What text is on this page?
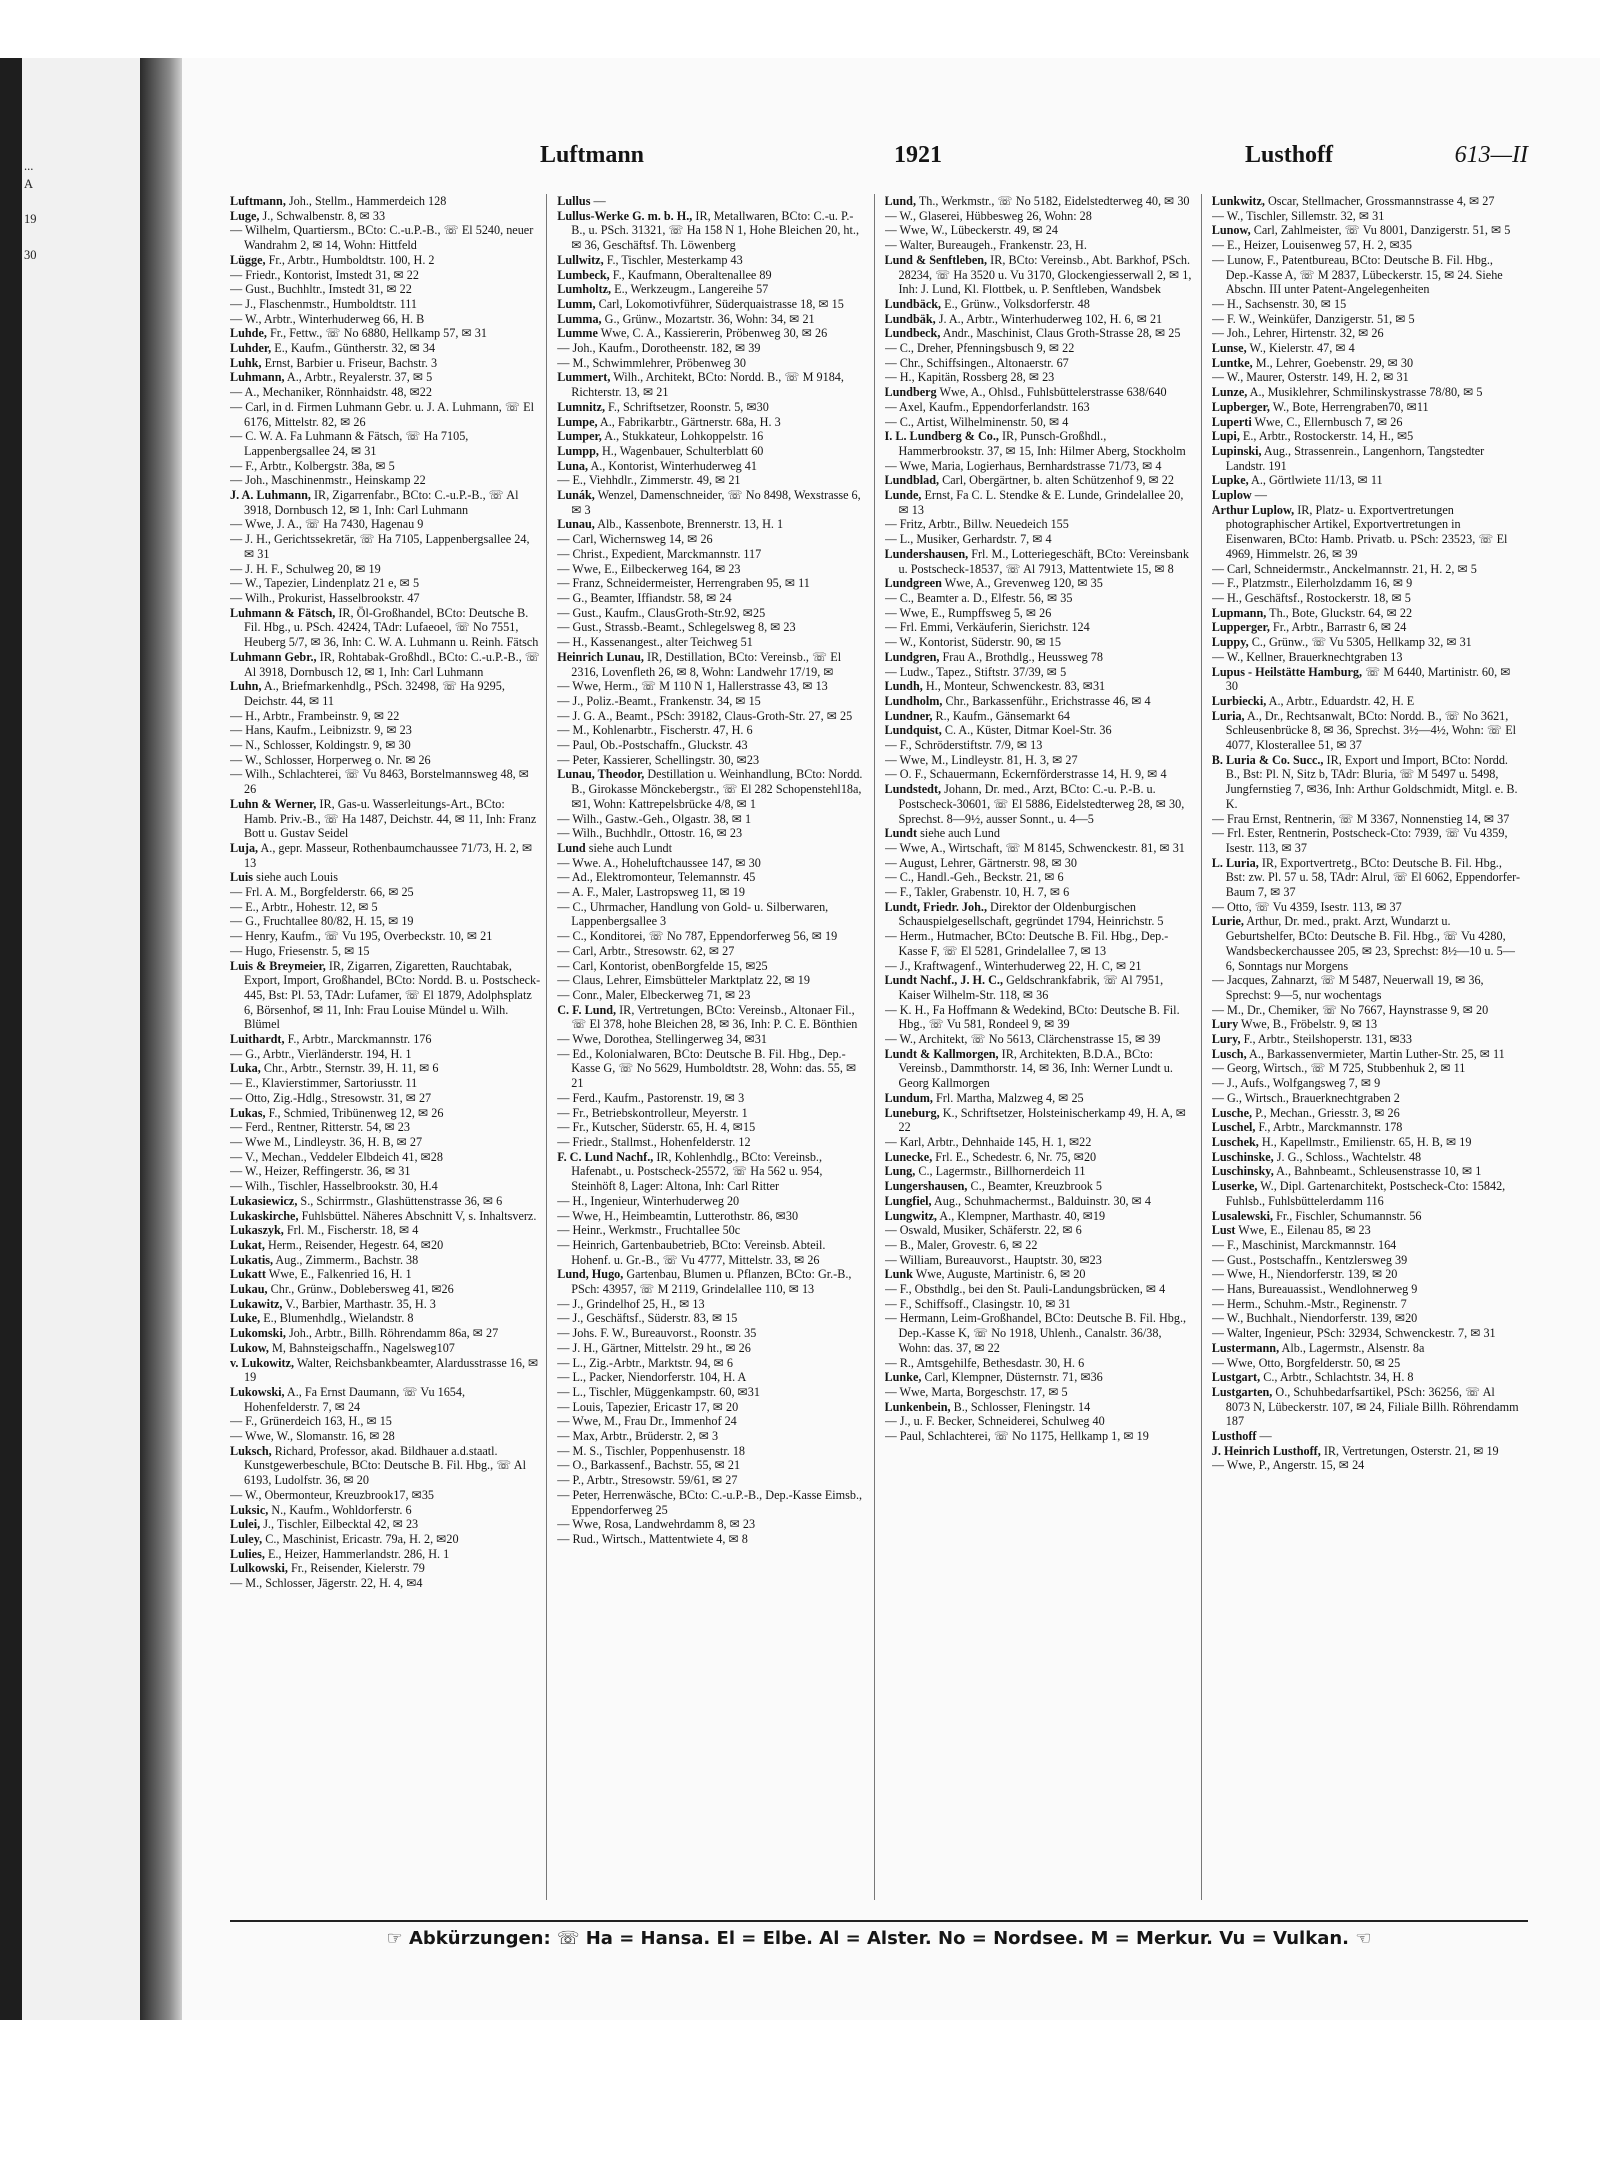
...
A

19

30

Luftmann	1921	Lusthoff	613—II

Luftmann, Joh., Stellm., Hammerdeich 128

Luge, J., Schwalbenstr. 8, ✉ 33

— Wilhelm, Quartiersm., BCto: C.-u.P.-B., ☏ El 5240, neuer Wandrahm 2, ✉ 14, Wohn: Hittfeld

Lügge, Fr., Arbtr., Humboldtstr. 100, H. 2

— Friedr., Kontorist, Imstedt 31, ✉ 22

— Gust., Buchhltr., Imstedt 31, ✉ 22

— J., Flaschenmstr., Humboldtstr. 111

— W., Arbtr., Winterhuderweg 66, H. B

Luhde, Fr., Fettw., ☏ No 6880, Hellkamp 57, ✉ 31

Luhder, E., Kaufm., Güntherstr. 32, ✉ 34

Luhk, Ernst, Barbier u. Friseur, Bachstr. 3

Luhmann, A., Arbtr., Reyalerstr. 37, ✉ 5

— A., Mechaniker, Rönnhaidstr. 48, ✉22

— Carl, in d. Firmen Luhmann Gebr. u. J. A. Luhmann, ☏ El 6176, Mittelstr. 82, ✉ 26

— C. W. A. Fa Luhmann & Fätsch, ☏ Ha 7105, Lappenbergsallee 24, ✉ 31

— F., Arbtr., Kolbergstr. 38a, ✉ 5

— Joh., Maschinenmstr., Heinskamp 22

J. A. Luhmann, IR, Zigarrenfabr., BCto: C.-u.P.-B., ☏ Al 3918, Dornbusch 12, ✉ 1, Inh: Carl Luhmann

— Wwe, J. A., ☏ Ha 7430, Hagenau 9

— J. H., Gerichtssekretär, ☏ Ha 7105, Lappenbergsallee 24, ✉ 31

— J. H. F., Schulweg 20, ✉ 19

— W., Tapezier, Lindenplatz 21 e, ✉ 5

— Wilh., Prokurist, Hasselbrookstr. 47

Luhmann & Fätsch, IR, Öl-Großhandel, BCto: Deutsche B. Fil. Hbg., u. PSch. 42424, TAdr: Lufaeoel, ☏ No 7551, Heuberg 5/7, ✉ 36, Inh: C. W. A. Luhmann u. Reinh. Fätsch

Luhmann Gebr., IR, Rohtabak-Großhdl., BCto: C.-u.P.-B., ☏ Al 3918, Dornbusch 12, ✉ 1, Inh: Carl Luhmann

Luhn, A., Briefmarkenhdlg., PSch. 32498, ☏ Ha 9295, Deichstr. 44, ✉ 11

— H., Arbtr., Frambeinstr. 9, ✉ 22

— Hans, Kaufm., Leibnizstr. 9, ✉ 23

— N., Schlosser, Koldingstr. 9, ✉ 30

— W., Schlosser, Horperweg o. Nr. ✉ 26

— Wilh., Schlachterei, ☏ Vu 8463, Borstelmannsweg 48, ✉ 26

Luhn & Werner, IR, Gas-u. Wasserleitungs-Art., BCto: Hamb. Priv.-B., ☏ Ha 1487, Deichstr. 44, ✉ 11, Inh: Franz Bott u. Gustav Seidel

Luja, A., gepr. Masseur, Rothenbaumchaussee 71/73, H. 2, ✉ 13

Luis siehe auch Louis

— Frl. A. M., Borgfelderstr. 66, ✉ 25

— E., Arbtr., Hohestr. 12, ✉ 5

— G., Fruchtallee 80/82, H. 15, ✉ 19

— Henry, Kaufm., ☏ Vu 195, Overbeckstr. 10, ✉ 21

— Hugo, Friesenstr. 5, ✉ 15

Luis & Breymeier, IR, Zigarren, Zigaretten, Rauchtabak, Export, Import, Großhandel, BCto: Nordd. B. u. Postscheck-445, Bst: Pl. 53, TAdr: Lufamer, ☏ El 1879, Adolphsplatz 6, Börsenhof, ✉ 11, Inh: Frau Louise Mündel u. Wilh. Blümel

Luithardt, F., Arbtr., Marckmannstr. 176

— G., Arbtr., Vierländerstr. 194, H. 1

Luka, Chr., Arbtr., Sternstr. 39, H. 11, ✉ 6

— E., Klavierstimmer, Sartoriusstr. 11

— Otto, Zig.-Hdlg., Stresowstr. 31, ✉ 27

Lukas, F., Schmied, Tribünenweg 12, ✉ 26

— Ferd., Rentner, Ritterstr. 54, ✉ 23

— Wwe M., Lindleystr. 36, H. B, ✉ 27

— V., Mechan., Veddeler Elbdeich 41, ✉28

— W., Heizer, Reffingerstr. 36, ✉ 31

— Wilh., Tischler, Hasselbrookstr. 30, H.4

Lukasiewicz, S., Schirrmstr., Glashüttenstrasse 36, ✉ 6

Lukaskirche, Fuhlsbüttel. Näheres Abschnitt V, s. Inhaltsverz.

Lukaszyk, Frl. M., Fischerstr. 18, ✉ 4

Lukat, Herm., Reisender, Hegestr. 64, ✉20

Lukatis, Aug., Zimmerm., Bachstr. 38

Lukatt Wwe, E., Falkenried 16, H. 1

Lukau, Chr., Grünw., Doblebersweg 41, ✉26

Lukawitz, V., Barbier, Marthastr. 35, H. 3

Luke, E., Blumenhdlg., Wielandstr. 8

Lukomski, Joh., Arbtr., Billh. Röhrendamm 86a, ✉ 27

Lukow, M, Bahnsteigschaffn., Nagelsweg107

v. Lukowitz, Walter, Reichsbankbeamter, Alardusstrasse 16, ✉ 19

Lukowski, A., Fa Ernst Daumann, ☏ Vu 1654, Hohenfelderstr. 7, ✉ 24

— F., Grünerdeich 163, H., ✉ 15

— Wwe, W., Slomanstr. 16, ✉ 28

Luksch, Richard, Professor, akad. Bildhauer a.d.staatl. Kunstgewerbeschule, BCto: Deutsche B. Fil. Hbg., ☏ Al 6193, Ludolfstr. 36, ✉ 20

— W., Obermonteur, Kreuzbrook17, ✉35

Luksic, N., Kaufm., Wohldorferstr. 6

Lulei, J., Tischler, Eilbecktal 42, ✉ 23

Luley, C., Maschinist, Ericastr. 79a, H. 2, ✉20

Lulies, E., Heizer, Hammerlandstr. 286, H. 1

Lulkowski, Fr., Reisender, Kielerstr. 79

— M., Schlosser, Jägerstr. 22, H. 4, ✉4

Lullus —

Lullus-Werke G. m. b. H., IR, Metallwaren, BCto: C.-u. P.-B., u. PSch. 31321, ☏ Ha 158 N 1, Hohe Bleichen 20, ht., ✉ 36, Geschäftsf. Th. Löwenberg

Lullwitz, F., Tischler, Mesterkamp 43

Lumbeck, F., Kaufmann, Oberaltenallee 89

Lumholtz, E., Werkzeugm., Langereihe 57

Lumm, Carl, Lokomotivführer, Süderquaistrasse 18, ✉ 15

Lumma, G., Grünw., Mozartstr. 36, Wohn: 34, ✉ 21

Lumme Wwe, C. A., Kassiererin, Pröbenweg 30, ✉ 26

— Joh., Kaufm., Dorotheenstr. 182, ✉ 39

— M., Schwimmlehrer, Pröbenweg 30

Lummert, Wilh., Architekt, BCto: Nordd. B., ☏ M 9184, Richterstr. 13, ✉ 21

Lumnitz, F., Schriftsetzer, Roonstr. 5, ✉30

Lumpe, A., Fabrikarbtr., Gärtnerstr. 68a, H. 3

Lumper, A., Stukkateur, Lohkoppelstr. 16

Lumpp, H., Wagenbauer, Schulterblatt 60

Luna, A., Kontorist, Winterhuderweg 41

— E., Viehhdlr., Zimmerstr. 49, ✉ 21

Lunák, Wenzel, Damenschneider, ☏ No 8498, Wexstrasse 6, ✉ 3

Lunau, Alb., Kassenbote, Brennerstr. 13, H. 1

— Carl, Wichernsweg 14, ✉ 26

— Christ., Expedient, Marckmannstr. 117

— Wwe, E., Eilbeckerweg 164, ✉ 23

— Franz, Schneidermeister, Herrengraben 95, ✉ 11

— G., Beamter, Iffiandstr. 58, ✉ 24

— Gust., Kaufm., ClausGroth-Str.92, ✉25

— Gust., Strassb.-Beamt., Schlegelsweg 8, ✉ 23

— H., Kassenangest., alter Teichweg 51

Heinrich Lunau, IR, Destillation, BCto: Vereinsb., ☏ El 2316, Lovenfleth 26, ✉ 8, Wohn: Landwehr 17/19, ✉

— Wwe, Herm., ☏ M 110 N 1, Hallerstrasse 43, ✉ 13

— J., Poliz.-Beamt., Frankenstr. 34, ✉ 15

— J. G. A., Beamt., PSch: 39182, Claus-Groth-Str. 27, ✉ 25

— M., Kohlenarbtr., Fischerstr. 47, H. 6

— Paul, Ob.-Postschaffn., Gluckstr. 43

— Peter, Kassierer, Schellingstr. 30, ✉23

Lunau, Theodor, Destillation u. Weinhandlung, BCto: Nordd. B., Girokasse Mönckebergstr., ☏ El 282 Schopenstehl18a, ✉1, Wohn: Kattrepelsbrücke 4/8, ✉ 1

— Wilh., Gastw.-Geh., Olgastr. 38, ✉ 1

— Wilh., Buchhdlr., Ottostr. 16, ✉ 23

Lund siehe auch Lundt

— Wwe. A., Hoheluftchaussee 147, ✉ 30

— Ad., Elektromonteur, Telemannstr. 45

— A. F., Maler, Lastropsweg 11, ✉ 19

— C., Uhrmacher, Handlung von Gold- u. Silberwaren, Lappenbergsallee 3

— C., Konditorei, ☏ No 787, Eppendorferweg 56, ✉ 19

— Carl, Arbtr., Stresowstr. 62, ✉ 27

— Carl, Kontorist, obenBorgfelde 15, ✉25

— Claus, Lehrer, Eimsbütteler Marktplatz 22, ✉ 19

— Conr., Maler, Elbeckerweg 71, ✉ 23

C. F. Lund, IR, Vertretungen, BCto: Vereinsb., Altonaer Fil., ☏ El 378, hohe Bleichen 28, ✉ 36, Inh: P. C. E. Bönthien

— Wwe, Dorothea, Stellingerweg 34, ✉31

— Ed., Kolonialwaren, BCto: Deutsche B. Fil. Hbg., Dep.-Kasse G, ☏ No 5629, Humboldtstr. 28, Wohn: das. 55, ✉ 21

— Ferd., Kaufm., Pastorenstr. 19, ✉ 3

— Fr., Betriebskontrolleur, Meyerstr. 1

— Fr., Kutscher, Süderstr. 65, H. 4, ✉15

— Friedr., Stallmst., Hohenfelderstr. 12

F. C. Lund Nachf., IR, Kohlenhdlg., BCto: Vereinsb., Hafenabt., u. Postscheck-25572, ☏ Ha 562 u. 954, Steinhöft 8, Lager: Altona, Inh: Carl Ritter

— H., Ingenieur, Winterhuderweg 20

— Wwe, H., Heimbeamtin, Lutterothstr. 86, ✉30

— Heinr., Werkmstr., Fruchtallee 50c

— Heinrich, Gartenbaubetrieb, BCto: Vereinsb. Abteil. Hohenf. u. Gr.-B., ☏ Vu 4777, Mittelstr. 33, ✉ 26

Lund, Hugo, Gartenbau, Blumen u. Pflanzen, BCto: Gr.-B., PSch: 43957, ☏ M 2119, Grindelallee 110, ✉ 13

— J., Grindelhof 25, H., ✉ 13

— J., Geschäftsf., Süderstr. 83, ✉ 15

— Johs. F. W., Bureauvorst., Roonstr. 35

— J. H., Gärtner, Mittelstr. 29 ht., ✉ 26

— L., Zig.-Arbtr., Marktstr. 94, ✉ 6

— L., Packer, Niendorferstr. 104, H. A

— L., Tischler, Müggenkampstr. 60, ✉31

— Louis, Tapezier, Ericastr 17, ✉ 20

— Wwe, M., Frau Dr., Immenhof 24

— Max, Arbtr., Brüderstr. 2, ✉ 3

— M. S., Tischler, Poppenhusenstr. 18

— O., Barkassenf., Bachstr. 55, ✉ 21

— P., Arbtr., Stresowstr. 59/61, ✉ 27

— Peter, Herrenwäsche, BCto: C.-u.P.-B., Dep.-Kasse Eimsb., Eppendorferweg 25

— Wwe, Rosa, Landwehrdamm 8, ✉ 23

— Rud., Wirtsch., Mattentwiete 4, ✉ 8

Lund, Th., Werkmstr., ☏ No 5182, Eidelstedterweg 40, ✉ 30

— W., Glaserei, Hübbesweg 26, Wohn: 28

— Wwe, W., Lübeckerstr. 49, ✉ 24

— Walter, Bureaugeh., Frankenstr. 23, H.

Lund & Senftleben, IR, BCto: Vereinsb., Abt. Barkhof, PSch. 28234, ☏ Ha 3520 u. Vu 3170, Glockengiesserwall 2, ✉ 1, Inh: J. Lund, Kl. Flottbek, u. P. Senftleben, Wandsbek

Lundbäck, E., Grünw., Volksdorferstr. 48

Lundbäk, J. A., Arbtr., Winterhuderweg 102, H. 6, ✉ 21

Lundbeck, Andr., Maschinist, Claus Groth-Strasse 28, ✉ 25

— C., Dreher, Pfenningsbusch 9, ✉ 22

— Chr., Schiffsingen., Altonaerstr. 67

— H., Kapitän, Rossberg 28, ✉ 23

Lundberg Wwe, A., Ohlsd., Fuhlsbüttelerstrasse 638/640

— Axel, Kaufm., Eppendorferlandstr. 163

— C., Artist, Wilhelminenstr. 50, ✉ 4

I. L. Lundberg & Co., IR, Punsch-Großhdl., Hammerbrookstr. 37, ✉ 15, Inh: Hilmer Aberg, Stockholm

— Wwe, Maria, Logierhaus, Bernhardstrasse 71/73, ✉ 4

Lundblad, Carl, Obergärtner, b. alten Schützenhof 9, ✉ 22

Lunde, Ernst, Fa C. L. Stendke & E. Lunde, Grindelallee 20, ✉ 13

— Fritz, Arbtr., Billw. Neuedeich 155

— L., Musiker, Gerhardstr. 7, ✉ 4

Lundershausen, Frl. M., Lotteriegeschäft, BCto: Vereinsbank u. Postscheck-18537, ☏ Al 7913, Mattentwiete 15, ✉ 8

Lundgreen Wwe, A., Grevenweg 120, ✉ 35

— C., Beamter a. D., Elfestr. 56, ✉ 35

— Wwe, E., Rumpffsweg 5, ✉ 26

— Frl. Emmi, Verkäuferin, Sierichstr. 124

— W., Kontorist, Süderstr. 90, ✉ 15

Lundgren, Frau A., Brothdlg., Heussweg 78

— Ludw., Tapez., Stiftstr. 37/39, ✉ 5

Lundh, H., Monteur, Schwenckestr. 83, ✉31

Lundholm, Chr., Barkassenführ., Erichstrasse 46, ✉ 4

Lundner, R., Kaufm., Gänsemarkt 64

Lundquist, C. A., Küster, Ditmar Koel-Str. 36

— F., Schröderstiftstr. 7/9, ✉ 13

— Wwe, M., Lindleystr. 81, H. 3, ✉ 27

— O. F., Schauermann, Eckernförderstrasse 14, H. 9, ✉ 4

Lundstedt, Johann, Dr. med., Arzt, BCto: C.-u. P.-B. u. Postscheck-30601, ☏ El 5886, Eidelstedterweg 28, ✉ 30, Sprechst. 8—9½, ausser Sonnt., u. 4—5

Lundt siehe auch Lund

— Wwe, A., Wirtschaft, ☏ M 8145, Schwenckestr. 81, ✉ 31

— August, Lehrer, Gärtnerstr. 98, ✉ 30

— C., Handl.-Geh., Beckstr. 21, ✉ 6

— F., Takler, Grabenstr. 10, H. 7, ✉ 6

Lundt, Friedr. Joh., Direktor der Oldenburgischen Schauspielgesellschaft, gegründet 1794, Heinrichstr. 5

— Herm., Hutmacher, BCto: Deutsche B. Fil. Hbg., Dep.-Kasse F, ☏ El 5281, Grindelallee 7, ✉ 13

— J., Kraftwagenf., Winterhuderweg 22, H. C, ✉ 21

Lundt Nachf., J. H. C., Geldschrankfabrik, ☏ Al 7951, Kaiser Wilhelm-Str. 118, ✉ 36

— K. H., Fa Hoffmann & Wedekind, BCto: Deutsche B. Fil. Hbg., ☏ Vu 581, Rondeel 9, ✉ 39

— W., Architekt, ☏ No 5613, Clärchenstrasse 15, ✉ 39

Lundt & Kallmorgen, IR, Architekten, B.D.A., BCto: Vereinsb., Dammthorstr. 14, ✉ 36, Inh: Werner Lundt u. Georg Kallmorgen

Lundum, Frl. Martha, Malzweg 4, ✉ 25

Luneburg, K., Schriftsetzer, Holsteinischerkamp 49, H. A, ✉ 22

— Karl, Arbtr., Dehnhaide 145, H. 1, ✉22

Lunecke, Frl. E., Schedestr. 6, Nr. 75, ✉20

Lung, C., Lagermstr., Billhornerdeich 11

Lungershausen, C., Beamter, Kreuzbrook 5

Lungfiel, Aug., Schuhmachermst., Balduinstr. 30, ✉ 4

Lungwitz, A., Klempner, Marthastr. 40, ✉19

— Oswald, Musiker, Schäferstr. 22, ✉ 6

— B., Maler, Grovestr. 6, ✉ 22

— William, Bureauvorst., Hauptstr. 30, ✉23

Lunk Wwe, Auguste, Martinistr. 6, ✉ 20

— F., Obsthdlg., bei den St. Pauli-Landungsbrücken, ✉ 4

— F., Schiffsoff., Clasingstr. 10, ✉ 31

— Hermann, Leim-Großhandel, BCto: Deutsche B. Fil. Hbg., Dep.-Kasse K, ☏ No 1918, Uhlenh., Canalstr. 36/38, Wohn: das. 37, ✉ 22

— R., Amtsgehilfe, Bethesdastr. 30, H. 6

Lunke, Carl, Klempner, Düsternstr. 71, ✉36

— Wwe, Marta, Borgeschstr. 17, ✉ 5

Lunkenbein, B., Schlosser, Fleningstr. 14

— J., u. F. Becker, Schneiderei, Schulweg 40

— Paul, Schlachterei, ☏ No 1175, Hellkamp 1, ✉ 19

Lunkwitz, Oscar, Stellmacher, Grossmannstrasse 4, ✉ 27

— W., Tischler, Sillemstr. 32, ✉ 31

Lunow, Carl, Zahlmeister, ☏ Vu 8001, Danzigerstr. 51, ✉ 5

— E., Heizer, Louisenweg 57, H. 2, ✉35

— Lunow, F., Patentbureau, BCto: Deutsche B. Fil. Hbg., Dep.-Kasse A, ☏ M 2837, Lübeckerstr. 15, ✉ 24. Siehe Abschn. III unter Patent-Angelegenheiten

— H., Sachsenstr. 30, ✉ 15

— F. W., Weinküfer, Danzigerstr. 51, ✉ 5

— Joh., Lehrer, Hirtenstr. 32, ✉ 26

Lunse, W., Kielerstr. 47, ✉ 4

Luntke, M., Lehrer, Goebenstr. 29, ✉ 30

— W., Maurer, Osterstr. 149, H. 2, ✉ 31

Lunze, A., Musiklehrer, Schmilinskystrasse 78/80, ✉ 5

Lupberger, W., Bote, Herrengraben70, ✉11

Luperti Wwe, C., Ellernbusch 7, ✉ 26

Lupi, E., Arbtr., Rostockerstr. 14, H., ✉5

Lupinski, Aug., Strassenrein., Langenhorn, Tangstedter Landstr. 191

Lupke, A., Görtlwiete 11/13, ✉ 11

Luplow —

Arthur Luplow, IR, Platz- u. Exportvertretungen photographischer Artikel, Exportvertretungen in Eisenwaren, BCto: Hamb. Privatb. u. PSch: 23523, ☏ El 4969, Himmelstr. 26, ✉ 39

— Carl, Schneidermstr., Anckelmannstr. 21, H. 2, ✉ 5

— F., Platzmstr., Eilerholzdamm 16, ✉ 9

— H., Geschäftsf., Rostockerstr. 18, ✉ 5

Lupmann, Th., Bote, Gluckstr. 64, ✉ 22

Lupperger, Fr., Arbtr., Barrastr 6, ✉ 24

Luppy, C., Grünw., ☏ Vu 5305, Hellkamp 32, ✉ 31

— W., Kellner, Brauerknechtgraben 13

Lupus - Heilstätte Hamburg, ☏ M 6440, Martinistr. 60, ✉ 30

Lurbiecki, A., Arbtr., Eduardstr. 42, H. E

Luria, A., Dr., Rechtsanwalt, BCto: Nordd. B., ☏ No 3621, Schleusenbrücke 8, ✉ 36, Sprechst. 3½—4½, Wohn: ☏ El 4077, Klosterallee 51, ✉ 37

B. Luria & Co. Succ., IR, Export und Import, BCto: Nordd. B., Bst: Pl. N, Sitz b, TAdr: Bluria, ☏ M 5497 u. 5498, Jungfernstieg 7, ✉36, Inh: Arthur Goldschmidt, Mitgl. e. B. K.

— Frau Ernst, Rentnerin, ☏ M 3367, Nonnenstieg 14, ✉ 37

— Frl. Ester, Rentnerin, Postscheck-Cto: 7939, ☏ Vu 4359, Isestr. 113, ✉ 37

L. Luria, IR, Exportvertretg., BCto: Deutsche B. Fil. Hbg., Bst: zw. Pl. 57 u. 58, TAdr: Alrul, ☏ El 6062, Eppendorfer-Baum 7, ✉ 37

— Otto, ☏ Vu 4359, Isestr. 113, ✉ 37

Lurie, Arthur, Dr. med., prakt. Arzt, Wundarzt u. Geburtshelfer, BCto: Deutsche B. Fil. Hbg., ☏ Vu 4280, Wandsbeckerchaussee 205, ✉ 23, Sprechst: 8½—10 u. 5—6, Sonntags nur Morgens

— Jacques, Zahnarzt, ☏ M 5487, Neuerwall 19, ✉ 36, Sprechst: 9—5, nur wochentags

— M., Dr., Chemiker, ☏ No 7667, Haynstrasse 9, ✉ 20

Lury Wwe, B., Fröbelstr. 9, ✉ 13

Lury, F., Arbtr., Steilshoperstr. 131, ✉33

Lusch, A., Barkassenvermieter, Martin Luther-Str. 25, ✉ 11

— Georg, Wirtsch., ☏ M 725, Stubbenhuk 2, ✉ 11

— J., Aufs., Wolfgangsweg 7, ✉ 9

— G., Wirtsch., Brauerknechtgraben 2

Lusche, P., Mechan., Griesstr. 3, ✉ 26

Luschel, F., Arbtr., Marckmannstr. 178

Luschek, H., Kapellmstr., Emilienstr. 65, H. B, ✉ 19

Luschinske, J. G., Schloss., Wachtelstr. 48

Luschinsky, A., Bahnbeamt., Schleusenstrasse 10, ✉ 1

Luserke, W., Dipl. Gartenarchitekt, Postscheck-Cto: 15842, Fuhlsb., Fuhlsbüttelerdamm 116

Lusalewski, Fr., Fischler, Schumannstr. 56

Lust Wwe, E., Eilenau 85, ✉ 23

— F., Maschinist, Marckmannstr. 164

— Gust., Postschaffn., Kentzlersweg 39

— Wwe, H., Niendorferstr. 139, ✉ 20

— Hans, Bureauassist., Wendlohnerweg 9

— Herm., Schuhm.-Mstr., Reginenstr. 7

— W., Buchhalt., Niendorferstr. 139, ✉20

— Walter, Ingenieur, PSch: 32934, Schwenckestr. 7, ✉ 31

Lustermann, Alb., Lagermstr., Alsenstr. 8a

— Wwe, Otto, Borgfelderstr. 50, ✉ 25

Lustgart, C., Arbtr., Schlachtstr. 34, H. 8

Lustgarten, O., Schuhbedarfsartikel, PSch: 36256, ☏ Al 8073 N, Lübeckerstr. 107, ✉ 24, Filiale Billh. Röhrendamm 187

Lusthoff —

J. Heinrich Lusthoff, IR, Vertretungen, Osterstr. 21, ✉ 19

— Wwe, P., Angerstr. 15, ✉ 24

☞ Abkürzungen: ☏ Ha = Hansa. El = Elbe. Al = Alster. No = Nordsee. M = Merkur. Vu = Vulkan. ☜
